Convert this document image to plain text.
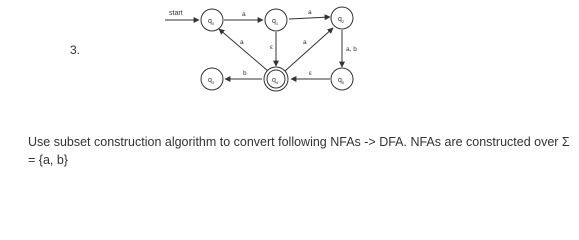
3.
start	a	a
a
ε
a
a, b
b	ε
$q_0$	$q_1$
$q_2$
$q_3$	$q_4$	$q_5$
Use subset construction algorithm to convert following NFAs -> DFA. NFAs are constructed over Σ = {a, b}
